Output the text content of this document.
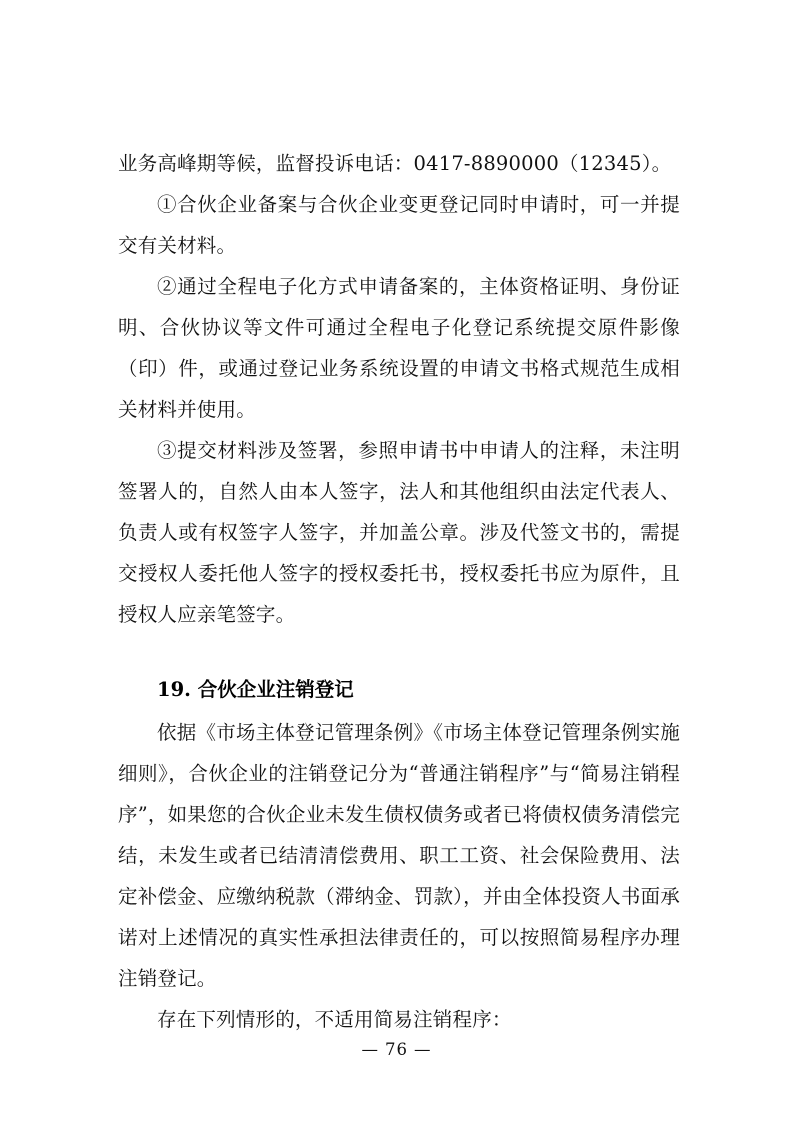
业务高峰期等候，监督投诉电话：0417-8890000（12345）。

①合伙企业备案与合伙企业变更登记同时申请时，可一并提交有关材料。

②通过全程电子化方式申请备案的，主体资格证明、身份证明、合伙协议等文件可通过全程电子化登记系统提交原件影像（印）件，或通过登记业务系统设置的申请文书格式规范生成相关材料并使用。

③提交材料涉及签署，参照申请书中申请人的注释，未注明签署人的，自然人由本人签字，法人和其他组织由法定代表人、负责人或有权签字人签字，并加盖公章。涉及代签文书的，需提交授权人委托他人签字的授权委托书，授权委托书应为原件，且授权人应亲笔签字。

19. 合伙企业注销登记

依据《市场主体登记管理条例》《市场主体登记管理条例实施细则》，合伙企业的注销登记分为“普通注销程序”与“简易注销程序”，如果您的合伙企业未发生债权债务或者已将债权债务清偿完结，未发生或者已结清清偿费用、职工工资、社会保险费用、法定补偿金、应缴纳税款（滞纳金、罚款），并由全体投资人书面承诺对上述情况的真实性承担法律责任的，可以按照简易程序办理注销登记。

存在下列情形的，不适用简易注销程序：

— 76 —
